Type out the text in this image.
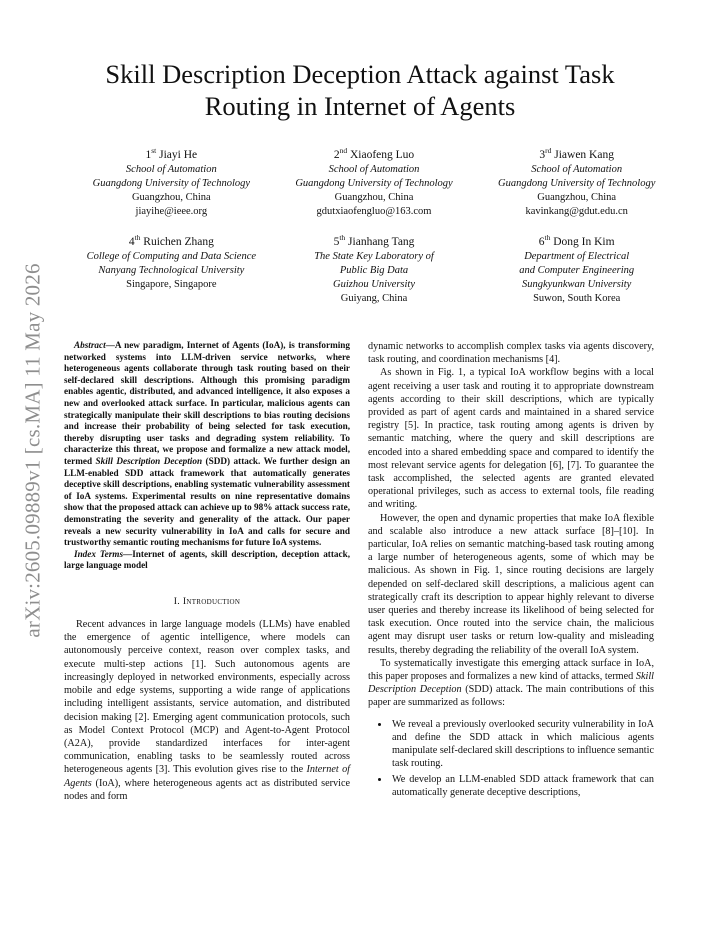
arXiv:2605.09889v1 [cs.MA] 11 May 2026
Skill Description Deception Attack against Task Routing in Internet of Agents
1st Jiayi He
School of Automation
Guangdong University of Technology
Guangzhou, China
jiayihe@ieee.org
2nd Xiaofeng Luo
School of Automation
Guangdong University of Technology
Guangzhou, China
gdutxiaofengluo@163.com
3rd Jiawen Kang
School of Automation
Guangdong University of Technology
Guangzhou, China
kavinkang@gdut.edu.cn
4th Ruichen Zhang
College of Computing and Data Science
Nanyang Technological University
Singapore, Singapore
5th Jianhang Tang
The State Key Laboratory of
Public Big Data
Guizhou University
Guiyang, China
6th Dong In Kim
Department of Electrical
and Computer Engineering
Sungkyunkwan University
Suwon, South Korea

Abstract—A new paradigm, Internet of Agents (IoA), is transforming networked systems into LLM-driven service networks, where heterogeneous agents collaborate through task routing based on their self-declared skill descriptions. Although this promising paradigm enables agentic, distributed, and advanced intelligence, it also exposes a new and overlooked attack surface. In particular, malicious agents can strategically manipulate their skill descriptions to bias routing decisions and increase their probability of being selected for task execution, thereby disrupting user tasks and degrading system reliability. To characterize this threat, we propose and formalize a new attack model, termed Skill Description Deception (SDD) attack. We further design an LLM-enabled SDD attack framework that automatically generates deceptive skill descriptions, enabling systematic vulnerability assessment of IoA systems. Experimental results on nine representative domains show that the proposed attack can achieve up to 98% attack success rate, demonstrating the severity and generality of the attack. Our paper reveals a new security vulnerability in IoA and calls for secure and trustworthy semantic routing mechanisms for future IoA systems.

Index Terms—Internet of agents, skill description, deception attack, large language model

I. Introduction

Recent advances in large language models (LLMs) have enabled the emergence of agentic intelligence, where models can autonomously perceive context, reason over complex tasks, and execute multi-step actions [1]. Such autonomous agents are increasingly deployed in networked environments, especially across mobile and edge systems, supporting a wide range of applications including intelligent assistants, service automation, and distributed decision making [2]. Emerging agent communication protocols, such as Model Context Protocol (MCP) and Agent-to-Agent Protocol (A2A), provide standardized interfaces for inter-agent communication, enabling tasks to be seamlessly routed across heterogeneous agents [3]. This evolution gives rise to the Internet of Agents (IoA), where heterogeneous agents act as distributed service nodes and form

dynamic networks to accomplish complex tasks via agents discovery, task routing, and coordination mechanisms [4].

As shown in Fig. 1, a typical IoA workflow begins with a local agent receiving a user task and routing it to appropriate downstream agents according to their skill descriptions, which are typically provided as part of agent cards and maintained in a shared service registry [5]. In practice, task routing among agents is driven by semantic matching, where the query and skill descriptions are encoded into a shared embedding space and compared to identify the most relevant service agents for delegation [6], [7]. To guarantee the task accomplished, the selected agents are granted elevated operational privileges, such as access to external tools, file reading and writing.

However, the open and dynamic properties that make IoA flexible and scalable also introduce a new attack surface [8]–[10]. In particular, IoA relies on semantic matching-based task routing among a large number of heterogeneous agents, some of which may be malicious. As shown in Fig. 1, since routing decisions are largely depended on self-declared skill descriptions, a malicious agent can strategically craft its description to appear highly relevant to diverse user queries and thereby increase its likelihood of being selected for task execution. Once routed into the service chain, the malicious agent may disrupt user tasks or return low-quality and misleading results, thereby degrading the reliability of the overall IoA system.

To systematically investigate this emerging attack surface in IoA, this paper proposes and formalizes a new kind of attacks, termed Skill Description Deception (SDD) attack. The main contributions of this paper are summarized as follows:

• We reveal a previously overlooked security vulnerability in IoA and define the SDD attack in which malicious agents manipulate self-declared skill descriptions to influence semantic task routing.
• We develop an LLM-enabled SDD attack framework that can automatically generate deceptive descriptions,
